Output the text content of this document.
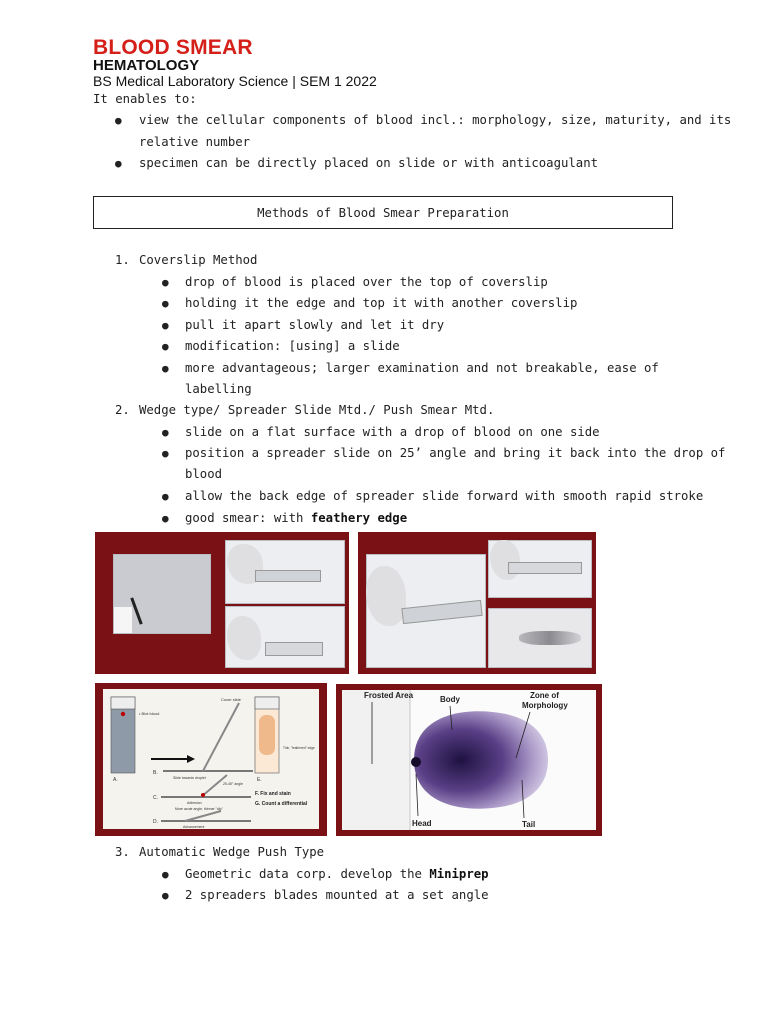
BLOOD SMEAR
HEMATOLOGY
BS Medical Laboratory Science | SEM 1 2022
It enables to:
● view the cellular components of blood incl.: morphology, size, maturity, and its
relative number
● specimen can be directly placed on slide or with anticoagulant
Methods of Blood Smear Preparation
1. Coverslip Method
● drop of blood is placed over the top of coverslip
● holding it the edge and top it with another coverslip
● pull it apart slowly and let it dry
● modification: [using] a slide
● more advantageous; larger examination and not breakable, ease of
labelling
2. Wedge type/ Spreader Slide Mtd./ Push Smear Mtd.
● slide on a flat surface with a drop of blood on one side
● position a spreader slide on 25’ angle and bring it back into the drop of
blood
● allow the back edge of spreader slide forward with smooth rapid stroke
● good smear: with feathery edge
• Blot blood
A.
Cover slide
B.
Slide towards droplet
25-45° angle
C.
Adhesion
D.
More acute angle, thinner "dip"
Advancement
Thin, "feathered" edge
E.
F. Fix and stain
G. Count a differential
Frosted Area	Body	Zone of
Morphology
Head	Tail
3. Automatic Wedge Push Type
● Geometric data corp. develop the Miniprep
● 2 spreaders blades mounted at a set angle
